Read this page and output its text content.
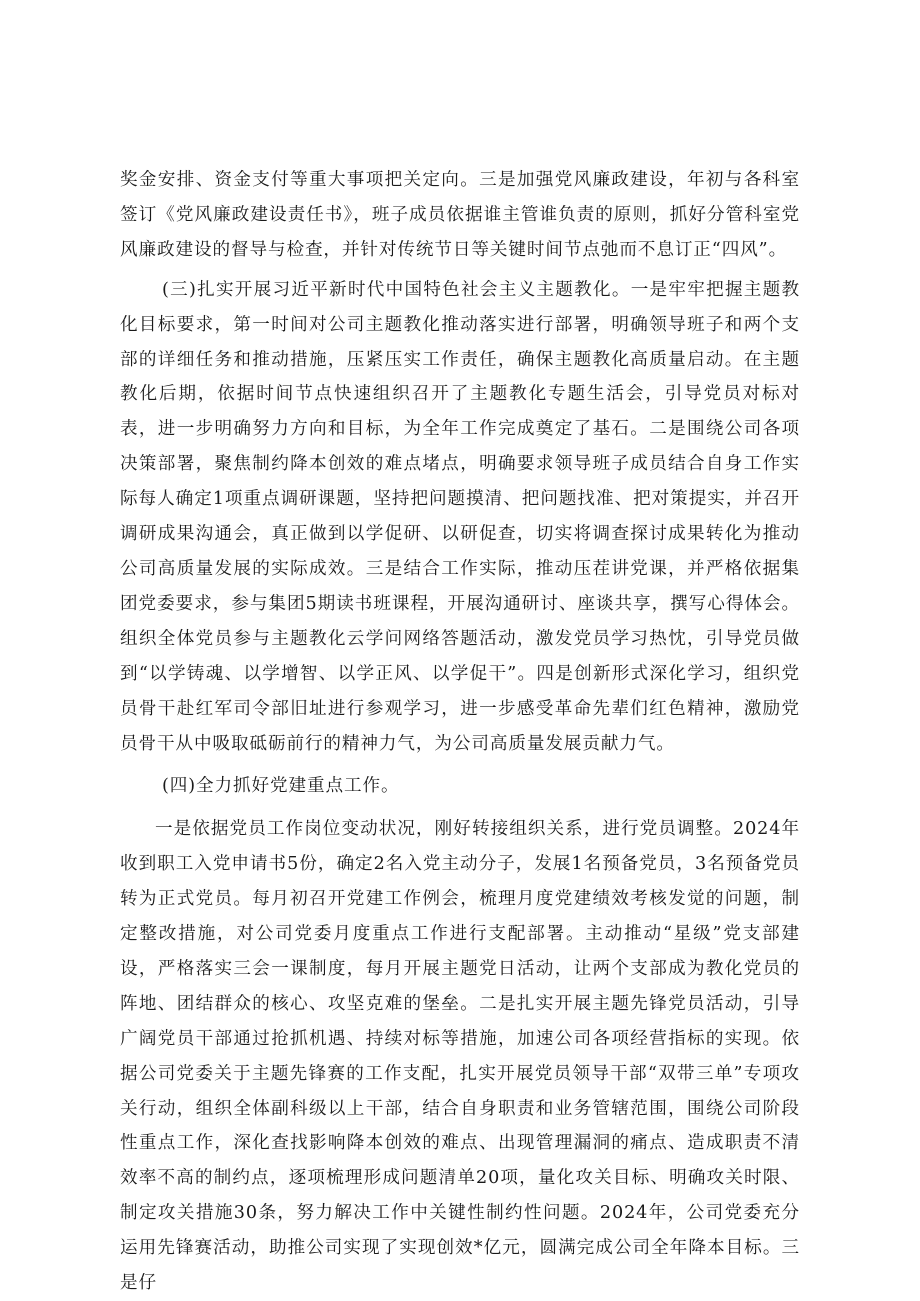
奖金安排、资金支付等重大事项把关定向。三是加强党风廉政建设，年初与各科室签订《党风廉政建设责任书》，班子成员依据谁主管谁负责的原则，抓好分管科室党风廉政建设的督导与检查，并针对传统节日等关键时间节点弛而不息订正“四风”。

(三)扎实开展习近平新时代中国特色社会主义主题教化。一是牢牢把握主题教化目标要求，第一时间对公司主题教化推动落实进行部署，明确领导班子和两个支部的详细任务和推动措施，压紧压实工作责任，确保主题教化高质量启动。在主题教化后期，依据时间节点快速组织召开了主题教化专题生活会，引导党员对标对表，进一步明确努力方向和目标，为全年工作完成奠定了基石。二是围绕公司各项决策部署，聚焦制约降本创效的难点堵点，明确要求领导班子成员结合自身工作实际每人确定1项重点调研课题，坚持把问题摸清、把问题找准、把对策提实，并召开调研成果沟通会，真正做到以学促研、以研促查，切实将调查探讨成果转化为推动公司高质量发展的实际成效。三是结合工作实际，推动压茬讲党课，并严格依据集团党委要求，参与集团5期读书班课程，开展沟通研讨、座谈共享，撰写心得体会。组织全体党员参与主题教化云学问网络答题活动，激发党员学习热忱，引导党员做到“以学铸魂、以学增智、以学正风、以学促干”。四是创新形式深化学习，组织党员骨干赴红军司令部旧址进行参观学习，进一步感受革命先辈们红色精神，激励党员骨干从中吸取砥砺前行的精神力气，为公司高质量发展贡献力气。

(四)全力抓好党建重点工作。

一是依据党员工作岗位变动状况，刚好转接组织关系，进行党员调整。2024年收到职工入党申请书5份，确定2名入党主动分子，发展1名预备党员，3名预备党员转为正式党员。每月初召开党建工作例会，梳理月度党建绩效考核发觉的问题，制定整改措施，对公司党委月度重点工作进行支配部署。主动推动“星级”党支部建设，严格落实三会一课制度，每月开展主题党日活动，让两个支部成为教化党员的阵地、团结群众的核心、攻坚克难的堡垒。二是扎实开展主题先锋党员活动，引导广阔党员干部通过抢抓机遇、持续对标等措施，加速公司各项经营指标的实现。依据公司党委关于主题先锋赛的工作支配，扎实开展党员领导干部“双带三单”专项攻关行动，组织全体副科级以上干部，结合自身职责和业务管辖范围，围绕公司阶段性重点工作，深化查找影响降本创效的难点、出现管理漏洞的痛点、造成职责不清效率不高的制约点，逐项梳理形成问题清单20项，量化攻关目标、明确攻关时限、制定攻关措施30条，努力解决工作中关键性制约性问题。2024年，公司党委充分运用先锋赛活动，助推公司实现了实现创效*亿元，圆满完成公司全年降本目标。三是仔
